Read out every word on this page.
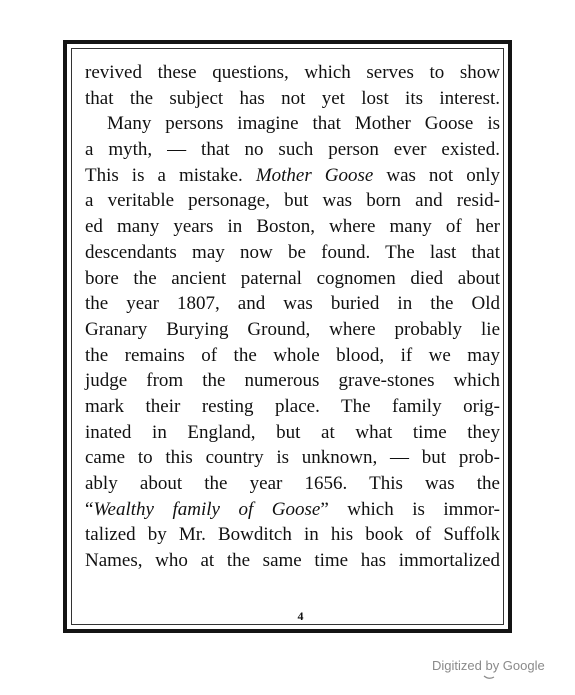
revived these questions, which serves to show
that the subject has not yet lost its interest.
Many persons imagine that Mother Goose is
a myth, — that no such person ever existed.
This is a mistake. Mother Goose was not only
a veritable personage, but was born and resid-
ed many years in Boston, where many of her
descendants may now be found. The last that
bore the ancient paternal cognomen died about
the year 1807, and was buried in the Old
Granary Burying Ground, where probably lie
the remains of the whole blood, if we may
judge from the numerous grave-stones which
mark their resting place. The family orig-
inated in England, but at what time they
came to this country is unknown, — but prob-
ably about the year 1656. This was the
“Wealthy family of Goose” which is immor-
talized by Mr. Bowditch in his book of Suffolk
Names, who at the same time has immortalized
4
Digitized by Google
